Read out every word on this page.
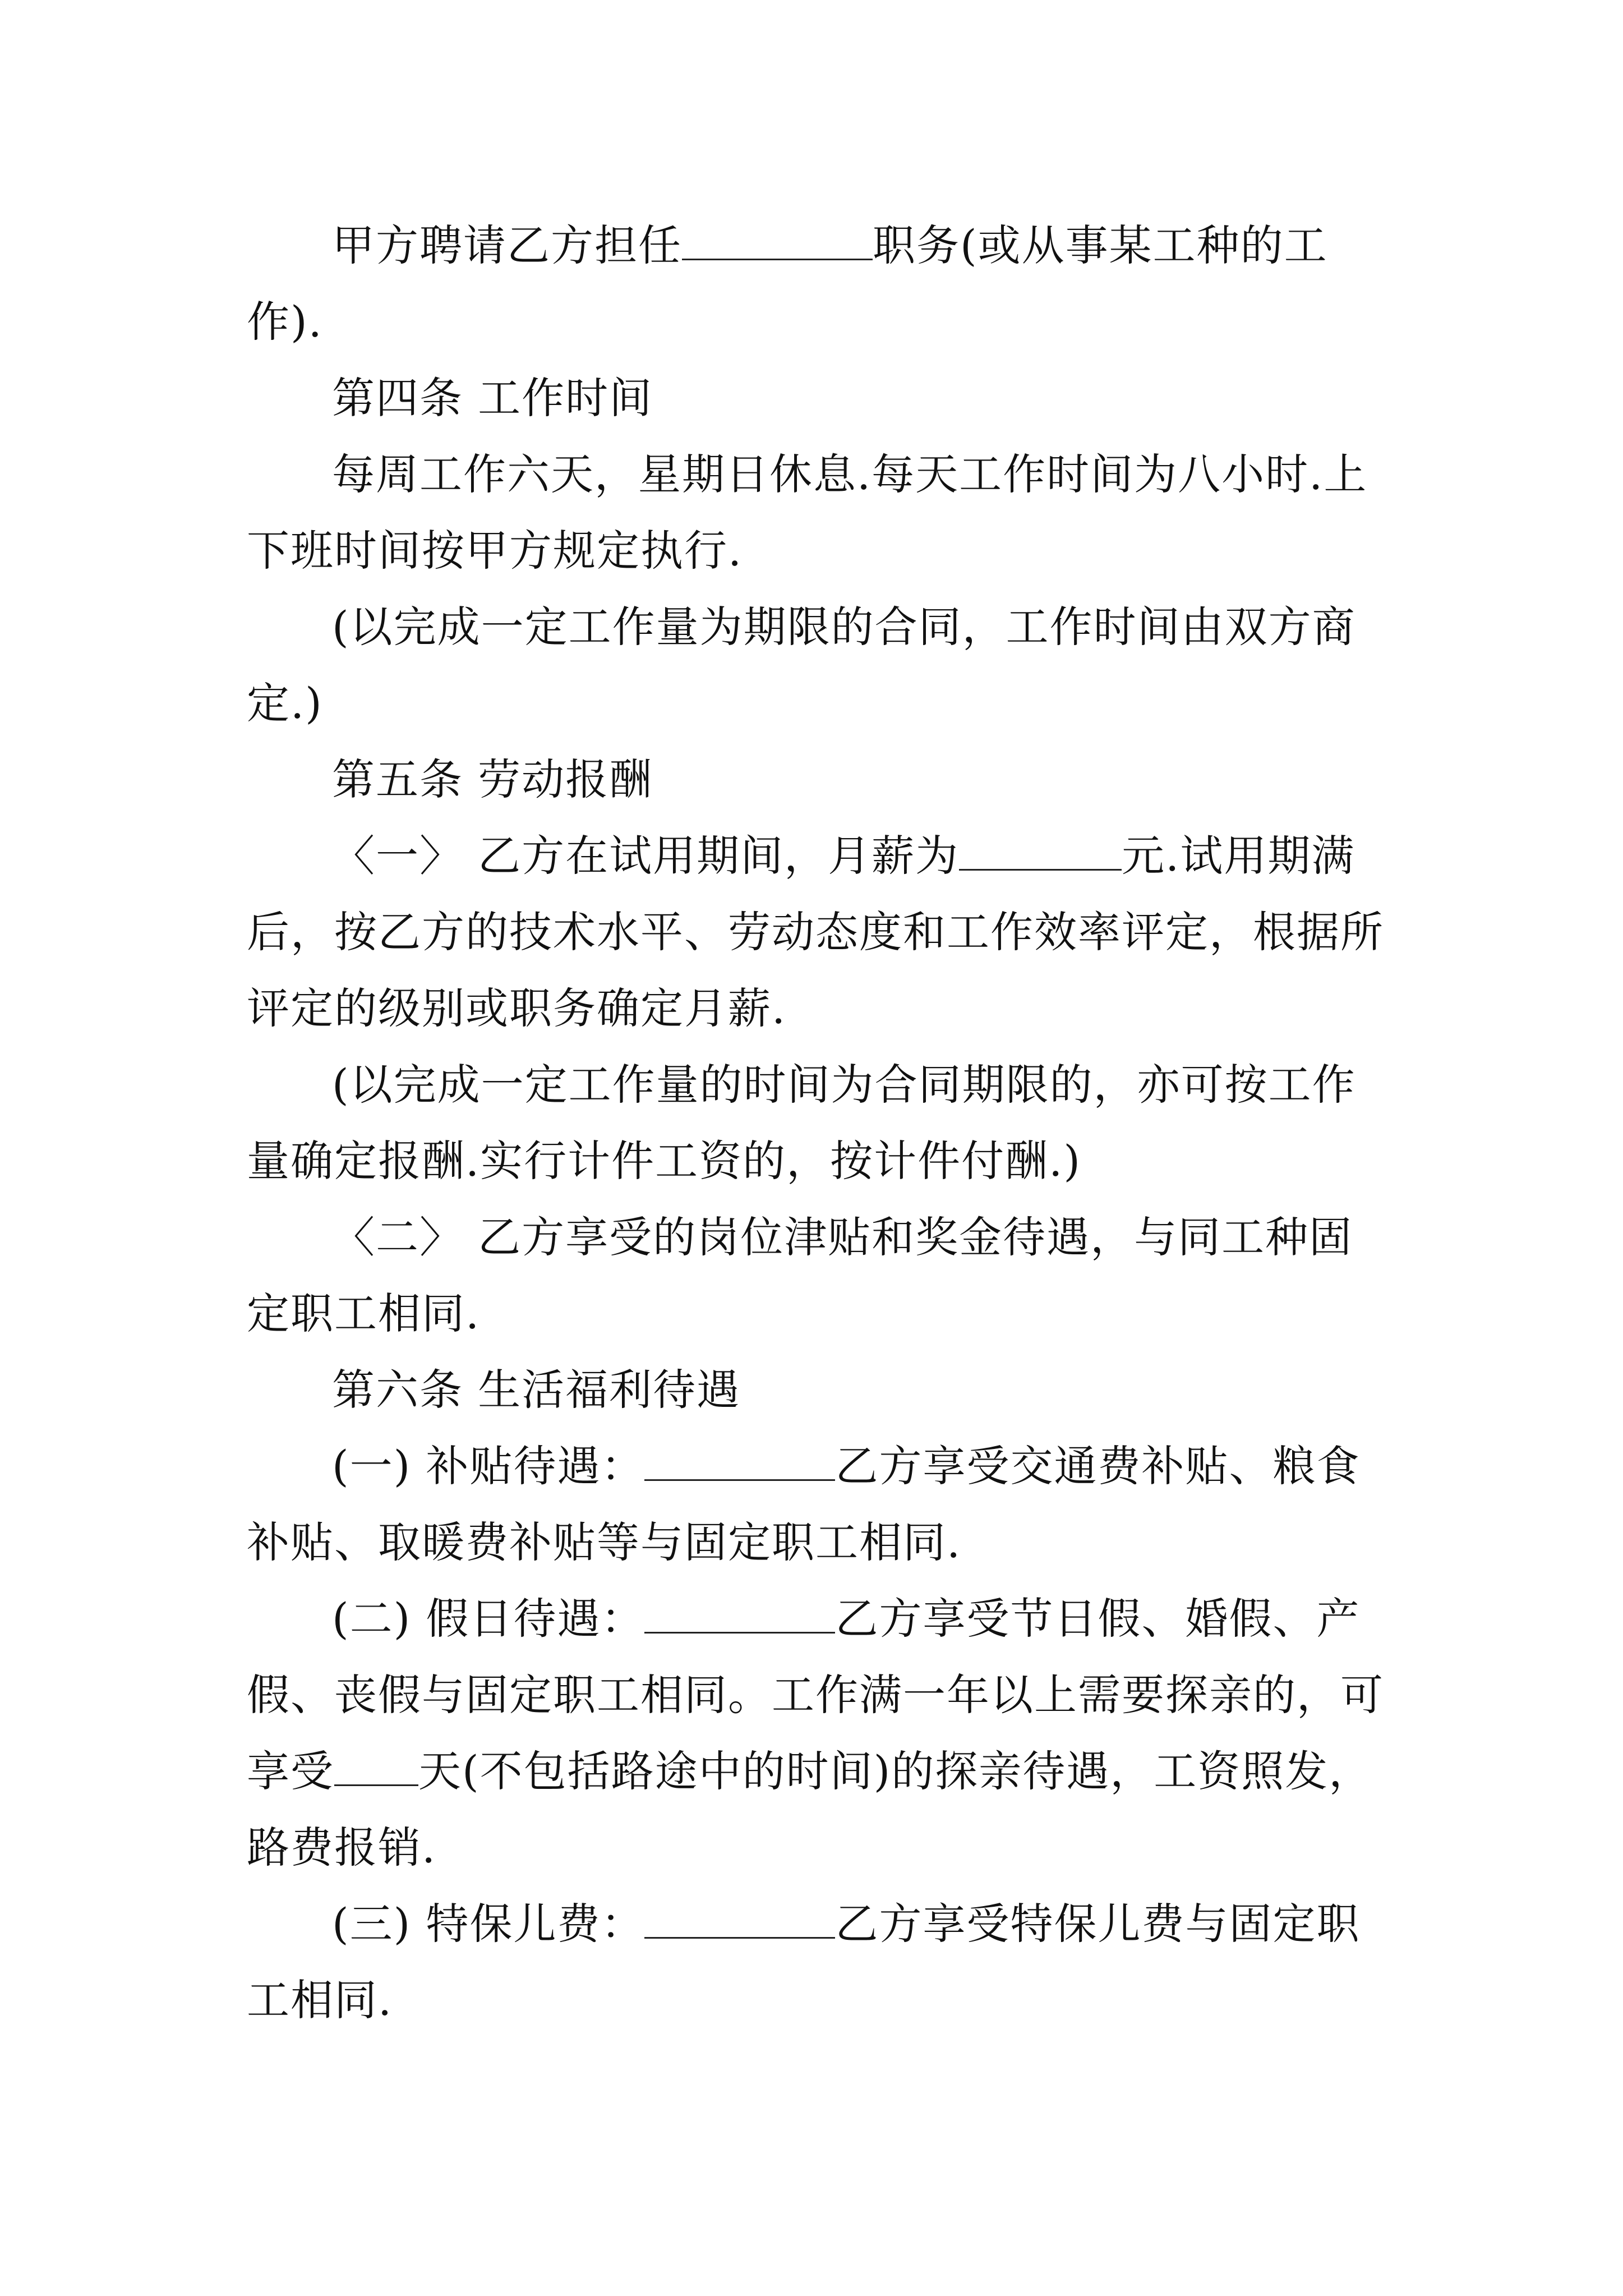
甲方聘请乙方担任	职务(或从事某工种的工
作).
第四条 工作时间
每周工作六天，星期日休息.每天工作时间为八小时.上
下班时间按甲方规定执行.
(以完成一定工作量为期限的合同，工作时间由双方商
定.)
第五条 劳动报酬
〈一〉 乙方在试用期间，月薪为	元.试用期满
后，按乙方的技术水平、劳动态度和工作效率评定，根据所
评定的级别或职务确定月薪.
(以完成一定工作量的时间为合同期限的，亦可按工作
量确定报酬.实行计件工资的，按计件付酬.)
〈二〉 乙方享受的岗位津贴和奖金待遇，与同工种固
定职工相同.
第六条 生活福利待遇
(一) 补贴待遇：	乙方享受交通费补贴、粮食
补贴、取暖费补贴等与固定职工相同.
(二) 假日待遇：	乙方享受节日假、婚假、产
假、丧假与固定职工相同。工作满一年以上需要探亲的，可
享受 天(不包括路途中的时间)的探亲待遇，工资照发，
路费报销.
(三) 特保儿费：	乙方享受特保儿费与固定职
工相同.
